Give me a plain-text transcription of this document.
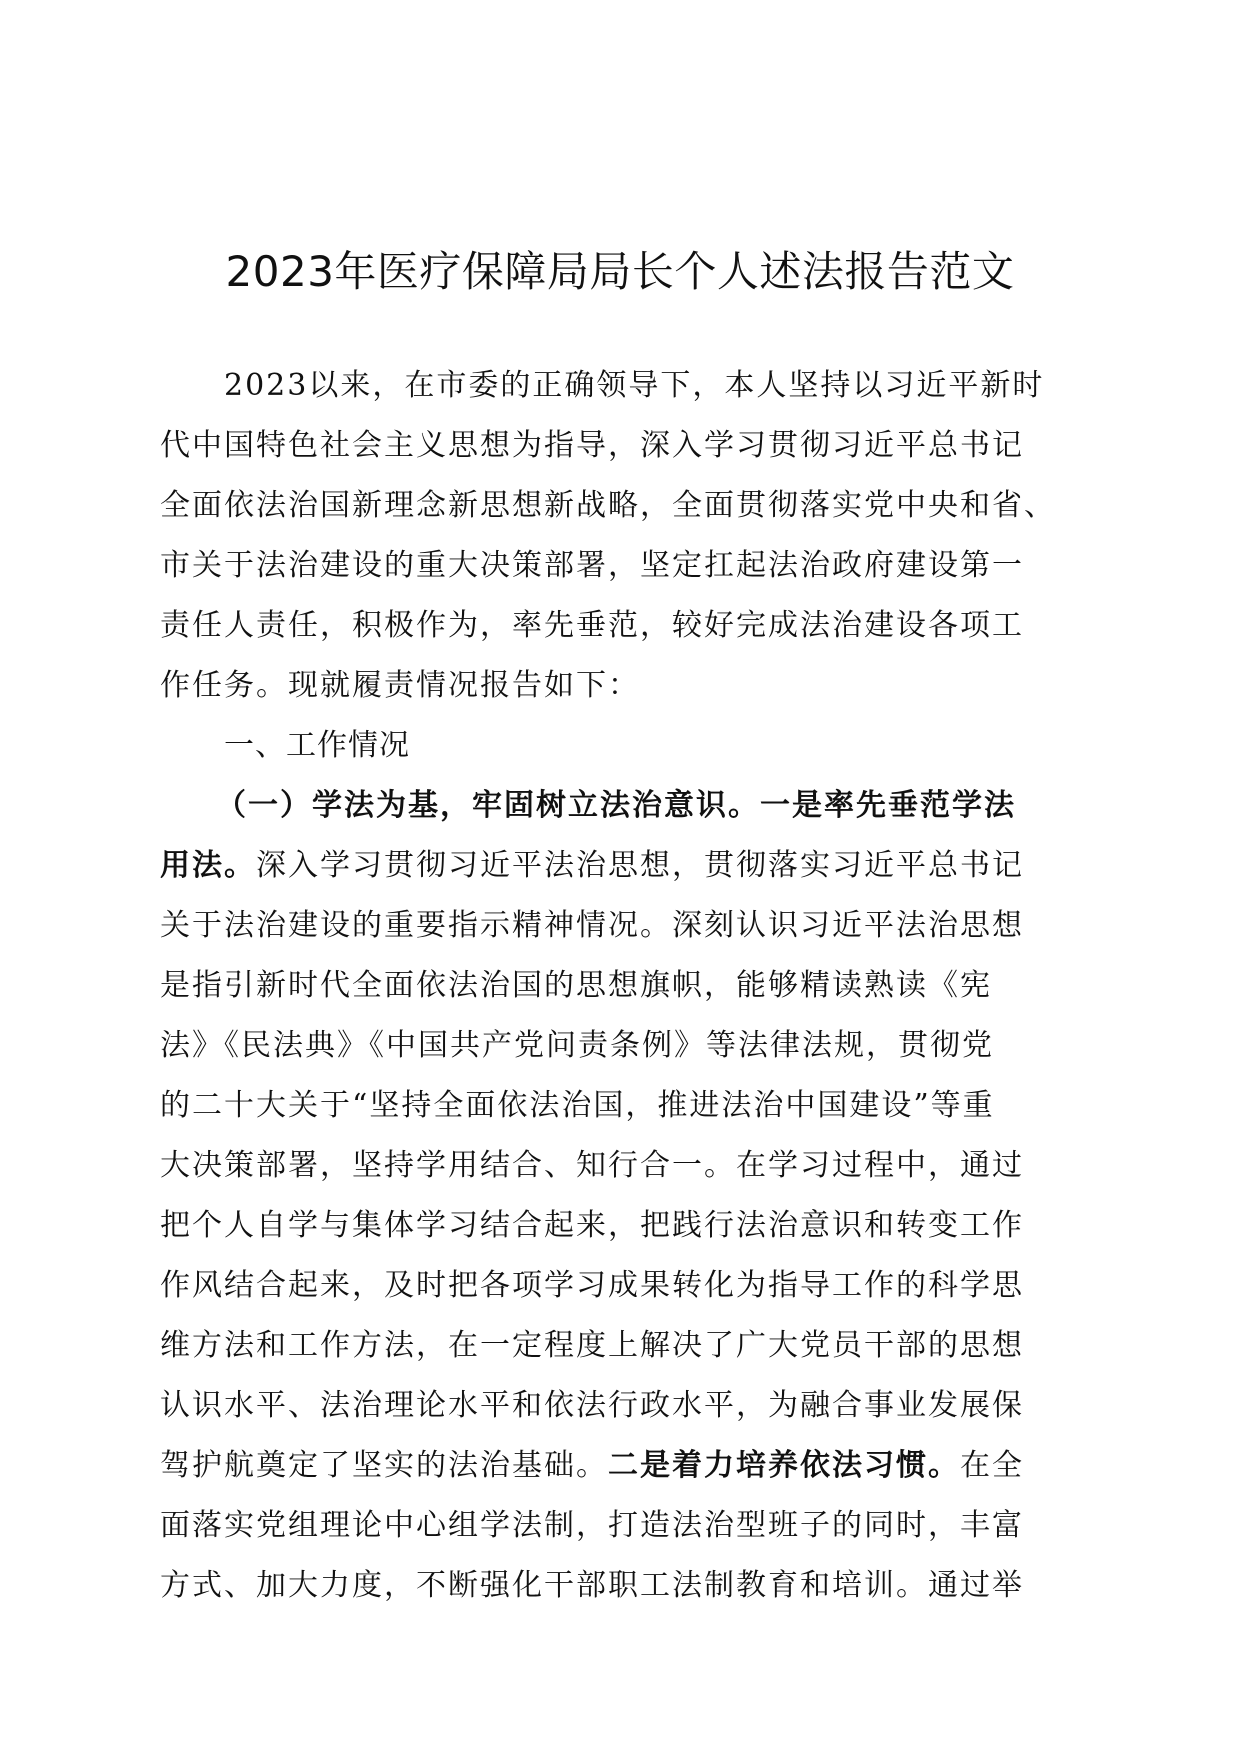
2023年医疗保障局局长个人述法报告范文
2023以来，在市委的正确领导下，本人坚持以习近平新时
代中国特色社会主义思想为指导，深入学习贯彻习近平总书记
全面依法治国新理念新思想新战略，全面贯彻落实党中央和省、
市关于法治建设的重大决策部署，坚定扛起法治政府建设第一
责任人责任，积极作为，率先垂范，较好完成法治建设各项工
作任务。现就履责情况报告如下：
一、工作情况
（一）学法为基，牢固树立法治意识。一是率先垂范学法
用法。深入学习贯彻习近平法治思想，贯彻落实习近平总书记
关于法治建设的重要指示精神情况。深刻认识习近平法治思想
是指引新时代全面依法治国的思想旗帜，能够精读熟读《宪
法》《民法典》《中国共产党问责条例》等法律法规，贯彻党
的二十大关于“坚持全面依法治国，推进法治中国建设”等重
大决策部署，坚持学用结合、知行合一。在学习过程中，通过
把个人自学与集体学习结合起来，把践行法治意识和转变工作
作风结合起来，及时把各项学习成果转化为指导工作的科学思
维方法和工作方法，在一定程度上解决了广大党员干部的思想
认识水平、法治理论水平和依法行政水平，为融合事业发展保
驾护航奠定了坚实的法治基础。二是着力培养依法习惯。在全
面落实党组理论中心组学法制，打造法治型班子的同时，丰富
方式、加大力度，不断强化干部职工法制教育和培训。通过举
